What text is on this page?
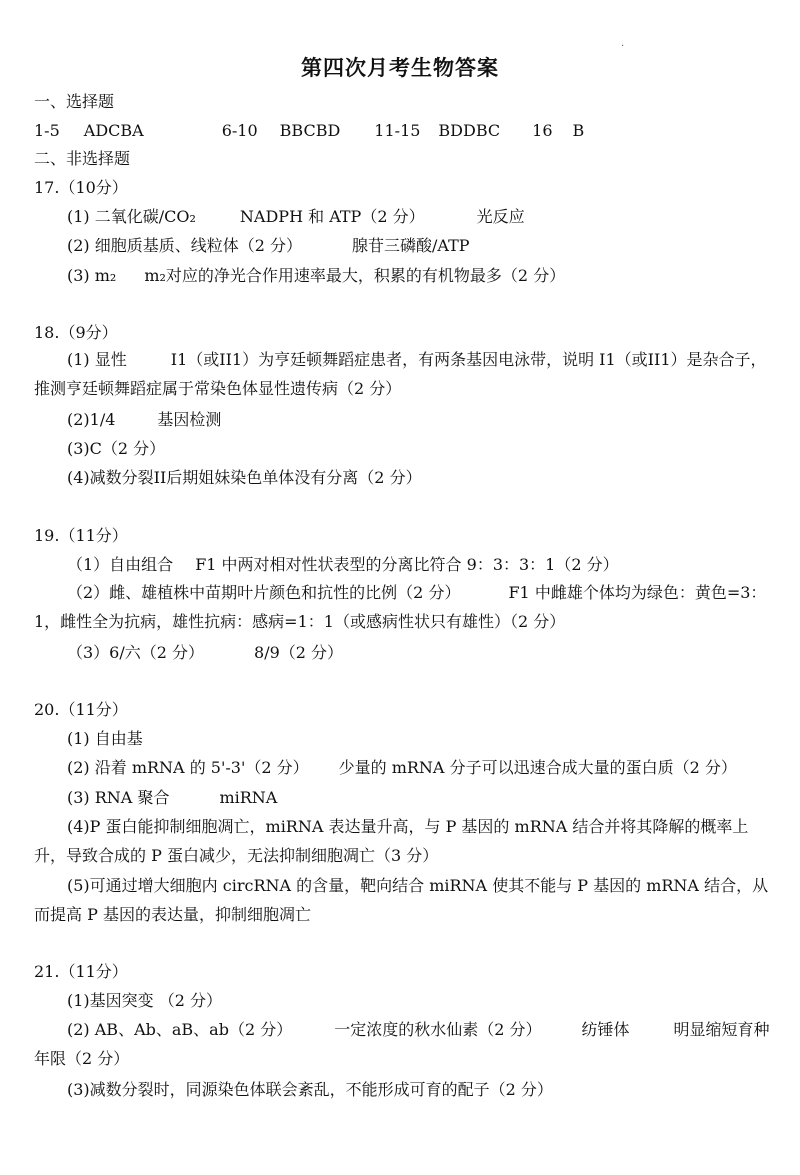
.
第四次月考生物答案
一、选择题
1-5 ADCBA	6-10 BBCBD 11-15 BDDBC 16 B
二、非选择题
17.（10分）
(1) 二氧化碳/CO₂	NADPH 和 ATP（2 分）	光反应
(2) 细胞质基质、线粒体（2 分）	腺苷三磷酸/ATP
(3) m₂ m₂对应的净光合作用速率最大，积累的有机物最多（2 分）
18.（9分）
(1) 显性	I1（或II1）为亨廷顿舞蹈症患者，有两条基因电泳带，说明 I1（或II1）是杂合子，推测亨廷顿舞蹈症属于常染色体显性遗传病（2 分）
(2)1/4	基因检测
(3)C（2 分）
(4)减数分裂II后期姐妹染色单体没有分离（2 分）
19.（11分）
（1）自由组合 F1 中两对相对性状表型的分离比符合 9：3：3：1（2 分）
（2）雌、雄植株中苗期叶片颜色和抗性的比例（2 分）	F1 中雌雄个体均为绿色：黄色=3：1，雌性全为抗病，雄性抗病：感病=1：1（或感病性状只有雄性）（2 分）
（3）6/六（2 分）	8/9（2 分）
20.（11分）
(1) 自由基
(2) 沿着 mRNA 的 5'-3'（2 分） 少量的 mRNA 分子可以迅速合成大量的蛋白质（2 分）
(3) RNA 聚合	miRNA
(4)P 蛋白能抑制细胞凋亡，miRNA 表达量升高，与 P 基因的 mRNA 结合并将其降解的概率上升，导致合成的 P 蛋白减少，无法抑制细胞凋亡（3 分）
(5)可通过增大细胞内 circRNA 的含量，靶向结合 miRNA 使其不能与 P 基因的 mRNA 结合，从而提高 P 基因的表达量，抑制细胞凋亡
21.（11分）
(1)基因突变 （2 分）
(2) AB、Ab、aB、ab（2 分）	一定浓度的秋水仙素（2 分）	纺锤体	明显缩短育种年限（2 分）
(3)减数分裂时，同源染色体联会紊乱，不能形成可育的配子（2 分）
